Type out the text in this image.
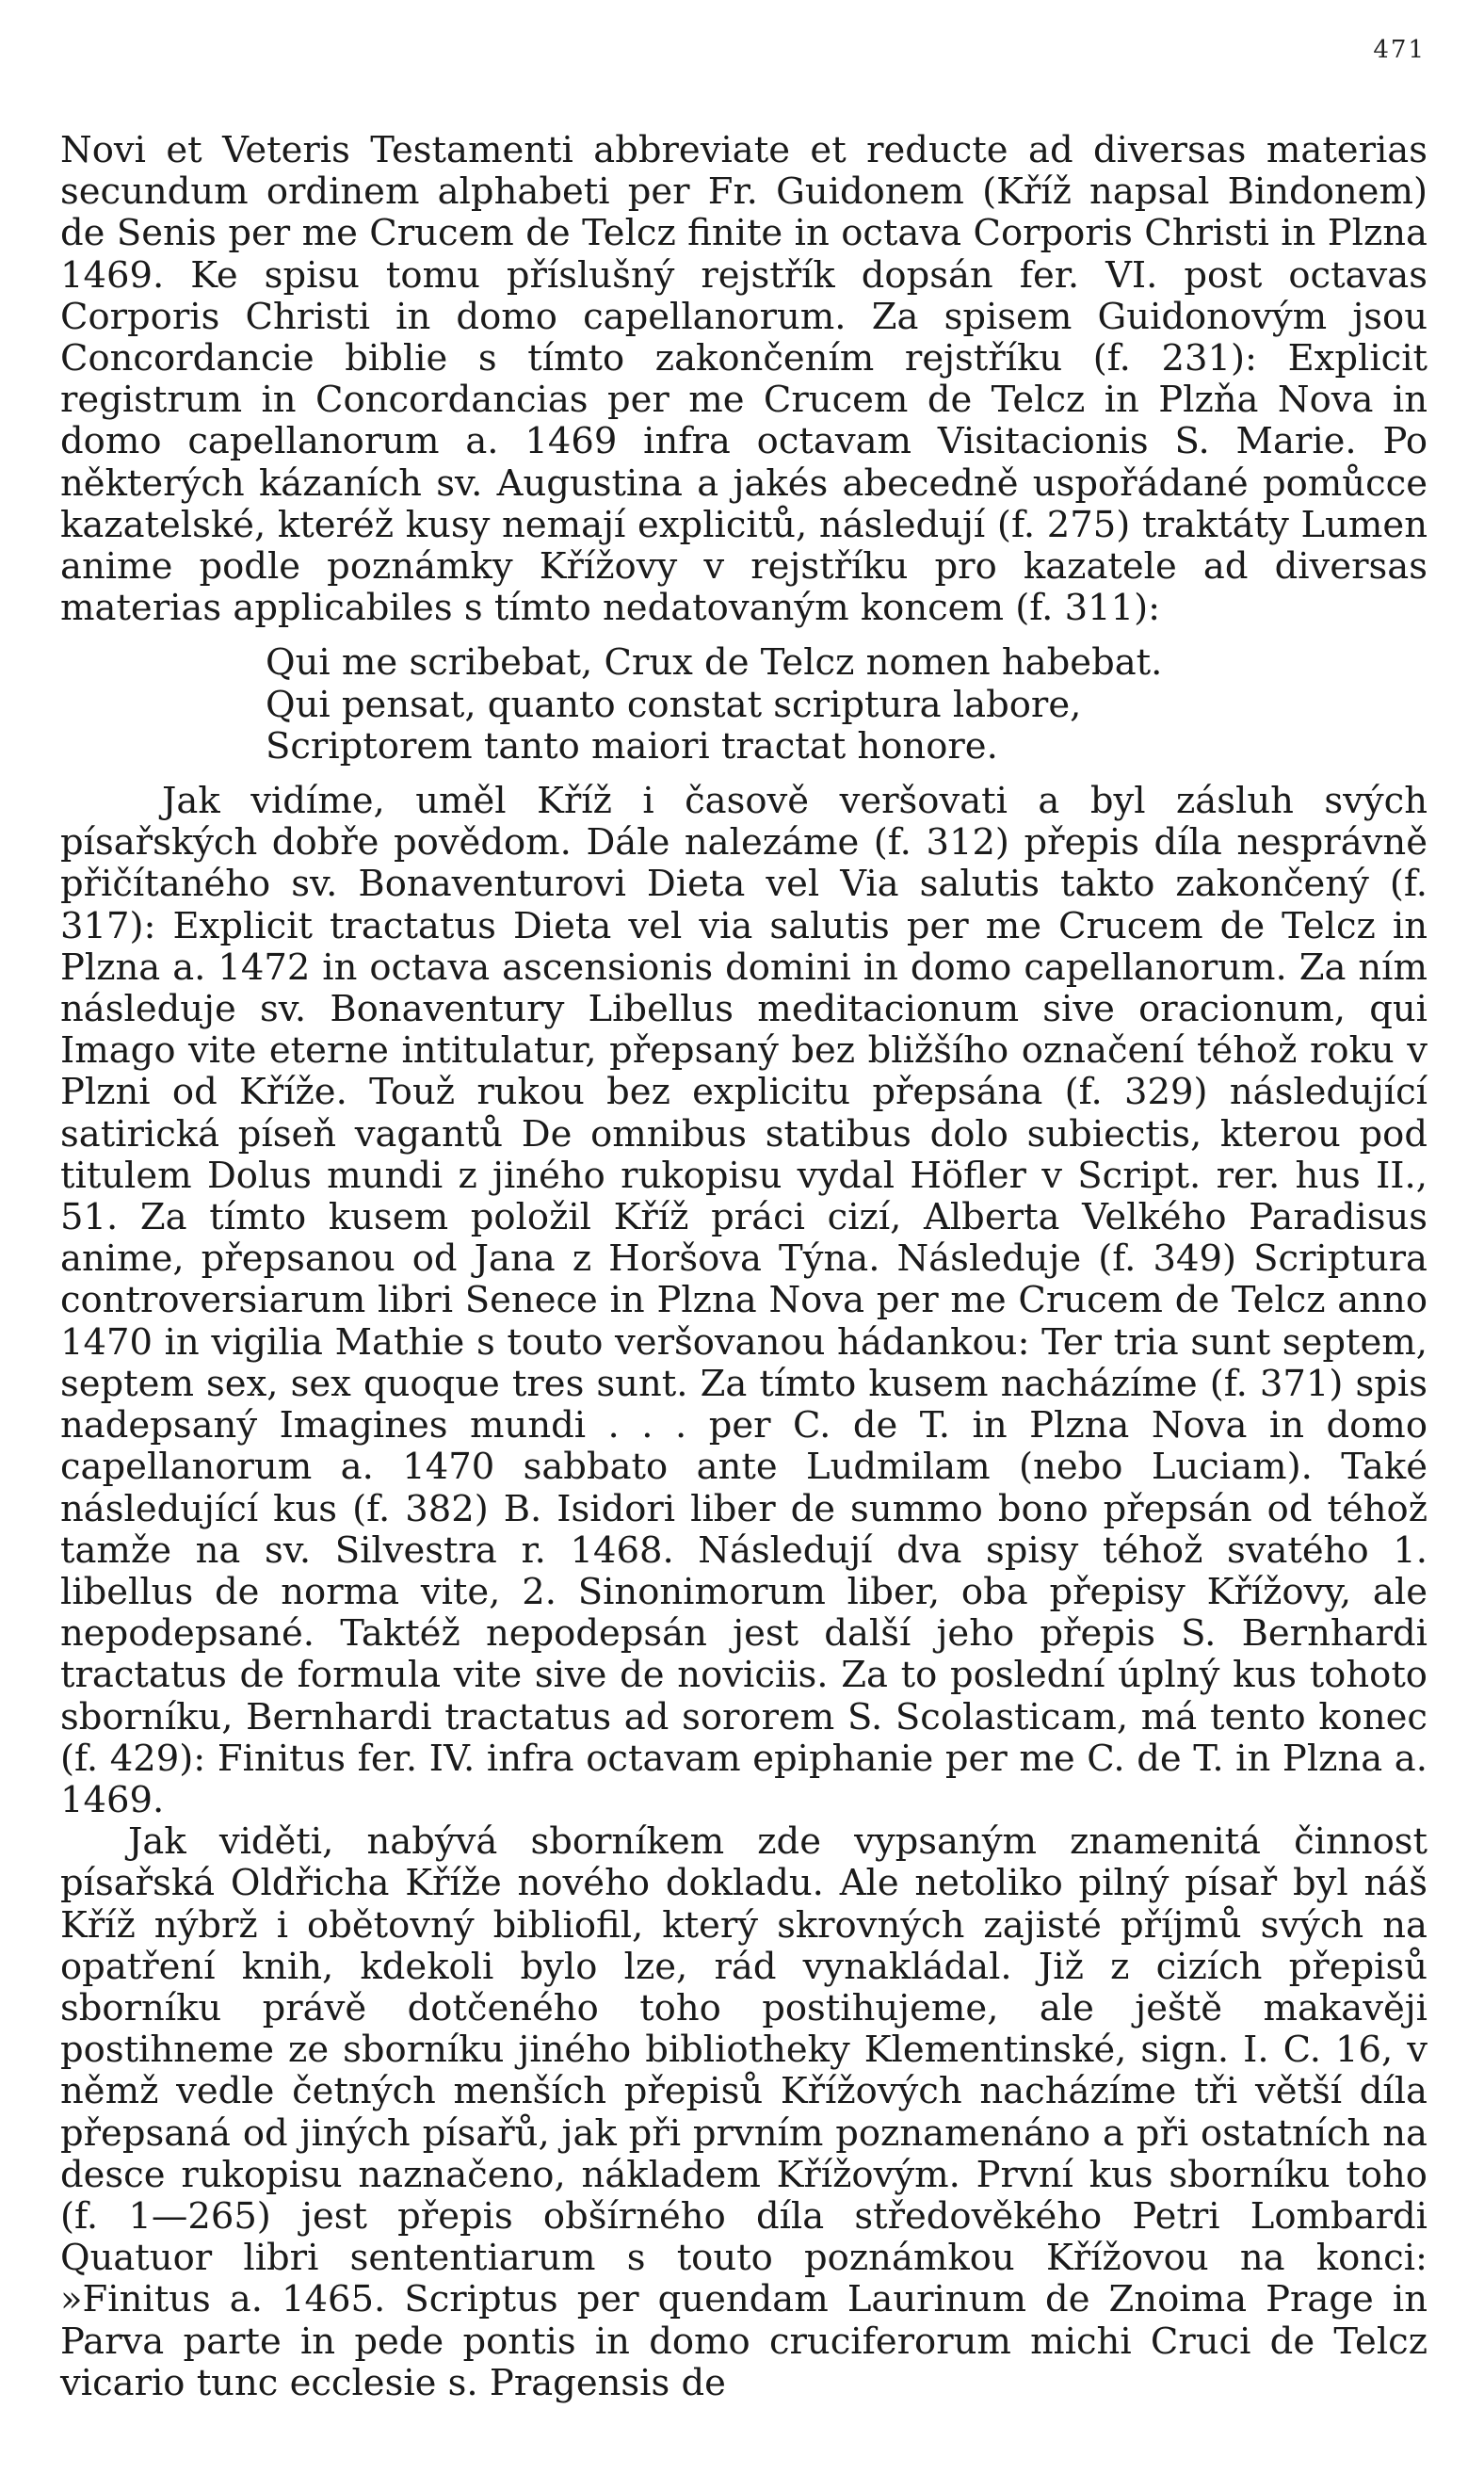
471

Novi et Veteris Testamenti abbreviate et reducte ad diversas materias secundum ordinem alphabeti per Fr. Guidonem (Kříž napsal Bindonem) de Senis per me Crucem de Telcz finite in octava Corporis Christi in Plzna 1469. Ke spisu tomu příslušný rejstřík dopsán fer. VI. post octavas Corporis Christi in domo capellanorum. Za spisem Guidonovým jsou Concordancie biblie s tímto zakončením rejstříku (f. 231): Explicit registrum in Concordancias per me Crucem de Telcz in Plzňa Nova in domo capellanorum a. 1469 infra octavam Visitacionis S. Marie. Po některých kázaních sv. Augustina a jakés abecedně uspořádané pomůcce kazatelské, kteréž kusy nemají explicitů, následují (f. 275) traktáty Lumen anime podle poznámky Křížovy v rejstříku pro kazatele ad diversas materias applicabiles s tímto nedatovaným koncem (f. 311):

Qui me scribebat, Crux de Telcz nomen habebat.
Qui pensat, quanto constat scriptura labore,
Scriptorem tanto maiori tractat honore.

Jak vidíme, uměl Kříž i časově veršovati a byl zásluh svých písařských dobře povědom. Dále nalezáme (f. 312) přepis díla nesprávně přičítaného sv. Bonaventurovi Dieta vel Via salutis takto zakončený (f. 317): Explicit tractatus Dieta vel via salutis per me Crucem de Telcz in Plzna a. 1472 in octava ascensionis domini in domo capellanorum. Za ním následuje sv. Bonaventury Libellus meditacionum sive oracionum, qui Imago vite eterne intitulatur, přepsaný bez bližšího označení téhož roku v Plzni od Kříže. Touž rukou bez explicitu přepsána (f. 329) následující satirická píseň vagantů De omnibus statibus dolo subiectis, kterou pod titulem Dolus mundi z jiného rukopisu vydal Höfler v Script. rer. hus II., 51. Za tímto kusem položil Kříž práci cizí, Alberta Velkého Paradisus anime, přepsanou od Jana z Horšova Týna. Následuje (f. 349) Scriptura controversiarum libri Senece in Plzna Nova per me Crucem de Telcz anno 1470 in vigilia Mathie s touto veršovanou hádankou: Ter tria sunt septem, septem sex, sex quoque tres sunt. Za tímto kusem nacházíme (f. 371) spis nadepsaný Imagines mundi . . . per C. de T. in Plzna Nova in domo capellanorum a. 1470 sabbato ante Ludmilam (nebo Luciam). Také následující kus (f. 382) B. Isidori liber de summo bono přepsán od téhož tamže na sv. Silvestra r. 1468. Následují dva spisy téhož svatého 1. libellus de norma vite, 2. Sinonimorum liber, oba přepisy Křížovy, ale nepodepsané. Taktéž nepodepsán jest další jeho přepis S. Bernhardi tractatus de formula vite sive de noviciis. Za to poslední úplný kus tohoto sborníku, Bernhardi tractatus ad sororem S. Scolasticam, má tento konec (f. 429): Finitus fer. IV. infra octavam epiphanie per me C. de T. in Plzna a. 1469.

Jak viděti, nabývá sborníkem zde vypsaným znamenitá činnost písařská Oldřicha Kříže nového dokladu. Ale netoliko pilný písař byl náš Kříž nýbrž i obětovný bibliofil, který skrovných zajisté příjmů svých na opatření knih, kdekoli bylo lze, rád vynakládal. Již z cizích přepisů sborníku právě dotčeného toho postihujeme, ale ještě makavěji postihneme ze sborníku jiného bibliotheky Klementinské, sign. I. C. 16, v němž vedle četných menších přepisů Křížových nacházíme tři větší díla přepsaná od jiných písařů, jak při prvním poznamenáno a při ostatních na desce rukopisu naznačeno, nákladem Křížovým. První kus sborníku toho (f. 1—265) jest přepis obšírného díla středověkého Petri Lombardi Quatuor libri sententiarum s touto poznámkou Křížovou na konci: »Finitus a. 1465. Scriptus per quendam Laurinum de Znoima Prage in Parva parte in pede pontis in domo cruciferorum michi Cruci de Telcz vicario tunc ecclesie s. Pragensis de
